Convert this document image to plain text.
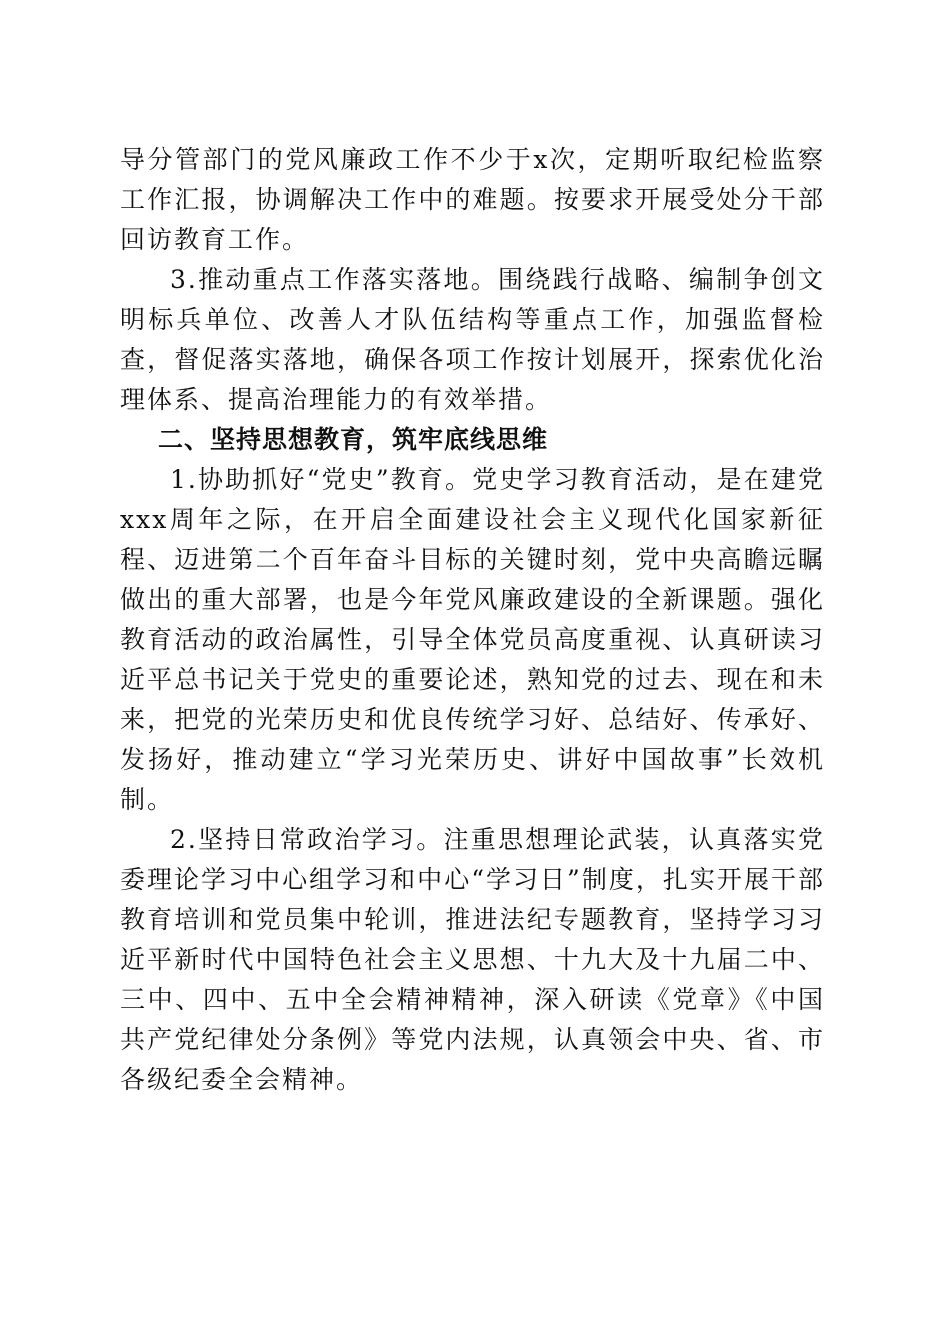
导分管部门的党风廉政工作不少于x次，定期听取纪检监察工作汇报，协调解决工作中的难题。按要求开展受处分干部回访教育工作。

3.推动重点工作落实落地。围绕践行战略、编制争创文明标兵单位、改善人才队伍结构等重点工作，加强监督检查，督促落实落地，确保各项工作按计划展开，探索优化治理体系、提高治理能力的有效举措。

二、坚持思想教育，筑牢底线思维

1.协助抓好“党史”教育。党史学习教育活动，是在建党xxx周年之际，在开启全面建设社会主义现代化国家新征程、迈进第二个百年奋斗目标的关键时刻，党中央高瞻远瞩做出的重大部署，也是今年党风廉政建设的全新课题。强化教育活动的政治属性，引导全体党员高度重视、认真研读习近平总书记关于党史的重要论述，熟知党的过去、现在和未来，把党的光荣历史和优良传统学习好、总结好、传承好、发扬好，推动建立“学习光荣历史、讲好中国故事”长效机制。

2.坚持日常政治学习。注重思想理论武装，认真落实党委理论学习中心组学习和中心“学习日”制度，扎实开展干部教育培训和党员集中轮训，推进法纪专题教育，坚持学习习近平新时代中国特色社会主义思想、十九大及十九届二中、三中、四中、五中全会精神精神，深入研读《党章》《中国共产党纪律处分条例》等党内法规，认真领会中央、省、市各级纪委全会精神。
